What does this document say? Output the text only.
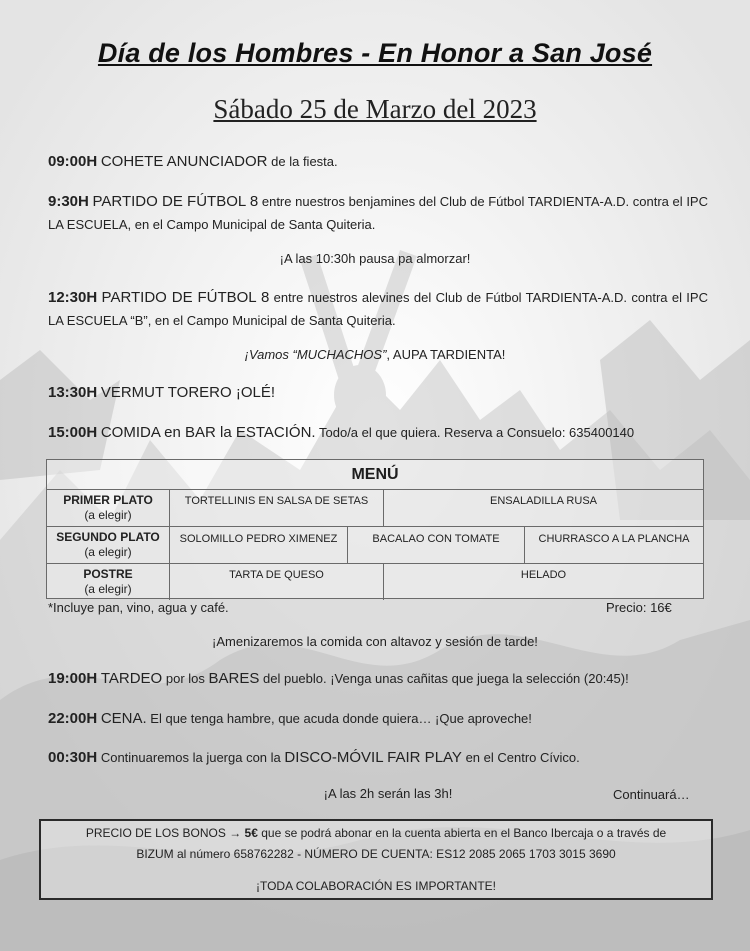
Día de los Hombres - En Honor a San José
Sábado 25 de Marzo del 2023
09:00H COHETE ANUNCIADOR de la fiesta.
9:30H PARTIDO DE FÚTBOL 8 entre nuestros benjamines del Club de Fútbol TARDIENTA-A.D. contra el IPC LA ESCUELA, en el Campo Municipal de Santa Quiteria.
¡A las 10:30h pausa pa almorzar!
12:30H PARTIDO DE FÚTBOL 8 entre nuestros alevines del Club de Fútbol TARDIENTA-A.D. contra el IPC LA ESCUELA “B”, en el Campo Municipal de Santa Quiteria.
¡Vamos “MUCHACHOS”, AUPA TARDIENTA!
13:30H VERMUT TORERO ¡OLÉ!
15:00H COMIDA en BAR la ESTACIÓN. Todo/a el que quiera. Reserva a Consuelo: 635400140
MENÚ
PRIMER PLATO
(a elegir)
TORTELLINIS EN SALSA DE SETAS	ENSALADILLA RUSA
SEGUNDO PLATO
(a elegir)
SOLOMILLO PEDRO XIMENEZ	BACALAO CON TOMATE	CHURRASCO A LA PLANCHA
POSTRE
(a elegir)
TARTA DE QUESO	HELADO
*Incluye pan, vino, agua y café.	Precio: 16€
¡Amenizaremos la comida con altavoz y sesión de tarde!
19:00H TARDEO por los BARES del pueblo. ¡Venga unas cañitas que juega la selección (20:45)!
22:00H CENA. El que tenga hambre, que acuda donde quiera… ¡Que aproveche!
00:30H Continuaremos la juerga con la DISCO-MÓVIL FAIR PLAY en el Centro Cívico.
¡A las 2h serán las 3h!	Continuará…
PRECIO DE LOS BONOS → 5€ que se podrá abonar en la cuenta abierta en el Banco Ibercaja o a través de
BIZUM al número 658762282 - NÚMERO DE CUENTA: ES12 2085 2065 1703 3015 3690
¡TODA COLABORACIÓN ES IMPORTANTE!
